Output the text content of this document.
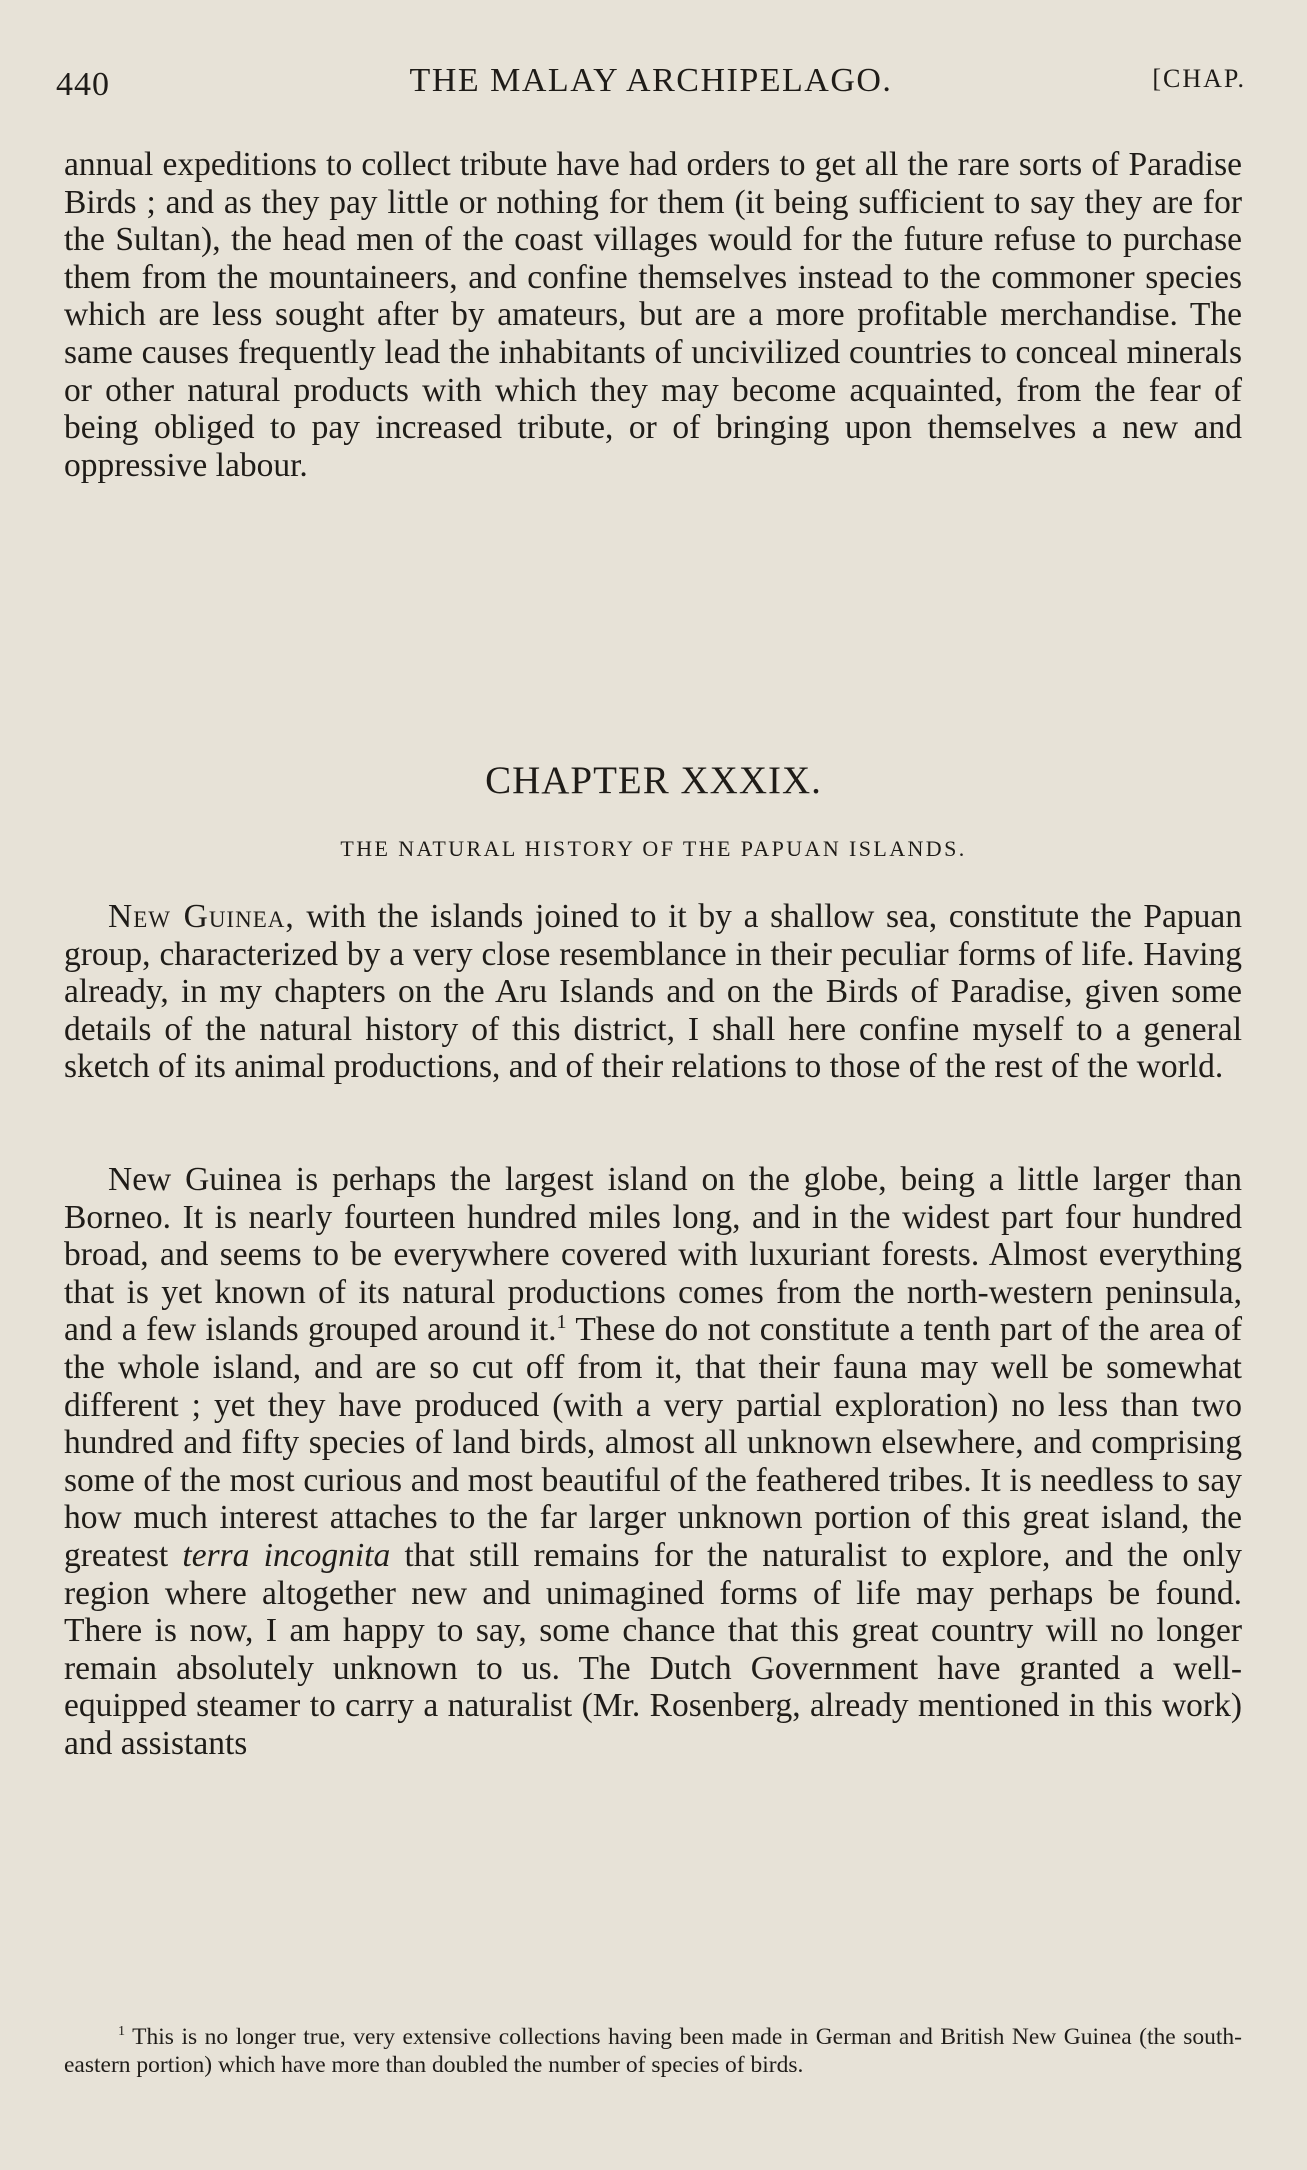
440	THE MALAY ARCHIPELAGO.	[CHAP.

annual expeditions to collect tribute have had orders to get all the rare sorts of Paradise Birds ; and as they pay little or nothing for them (it being sufficient to say they are for the Sultan), the head men of the coast villages would for the future refuse to purchase them from the mountaineers, and confine themselves instead to the commoner species which are less sought after by amateurs, but are a more profitable merchandise. The same causes frequently lead the inhabitants of uncivilized countries to conceal minerals or other natural products with which they may become acquainted, from the fear of being obliged to pay increased tribute, or of bringing upon themselves a new and oppressive labour.

CHAPTER XXXIX.
THE NATURAL HISTORY OF THE PAPUAN ISLANDS.

New Guinea, with the islands joined to it by a shallow sea, constitute the Papuan group, characterized by a very close resemblance in their peculiar forms of life. Having already, in my chapters on the Aru Islands and on the Birds of Paradise, given some details of the natural history of this district, I shall here confine myself to a general sketch of its animal productions, and of their relations to those of the rest of the world.

New Guinea is perhaps the largest island on the globe, being a little larger than Borneo. It is nearly fourteen hundred miles long, and in the widest part four hundred broad, and seems to be everywhere covered with luxuriant forests. Almost everything that is yet known of its natural productions comes from the north-western peninsula, and a few islands grouped around it.$^1$ These do not constitute a tenth part of the area of the whole island, and are so cut off from it, that their fauna may well be somewhat different ; yet they have produced (with a very partial exploration) no less than two hundred and fifty species of land birds, almost all unknown elsewhere, and comprising some of the most curious and most beautiful of the feathered tribes. It is needless to say how much interest attaches to the far larger unknown portion of this great island, the greatest terra incognita that still remains for the naturalist to explore, and the only region where altogether new and unimagined forms of life may perhaps be found. There is now, I am happy to say, some chance that this great country will no longer remain absolutely unknown to us. The Dutch Government have granted a well-equipped steamer to carry a naturalist (Mr. Rosenberg, already mentioned in this work) and assistants

$^1$ This is no longer true, very extensive collections having been made in German and British New Guinea (the south-eastern portion) which have more than doubled the number of species of birds.
